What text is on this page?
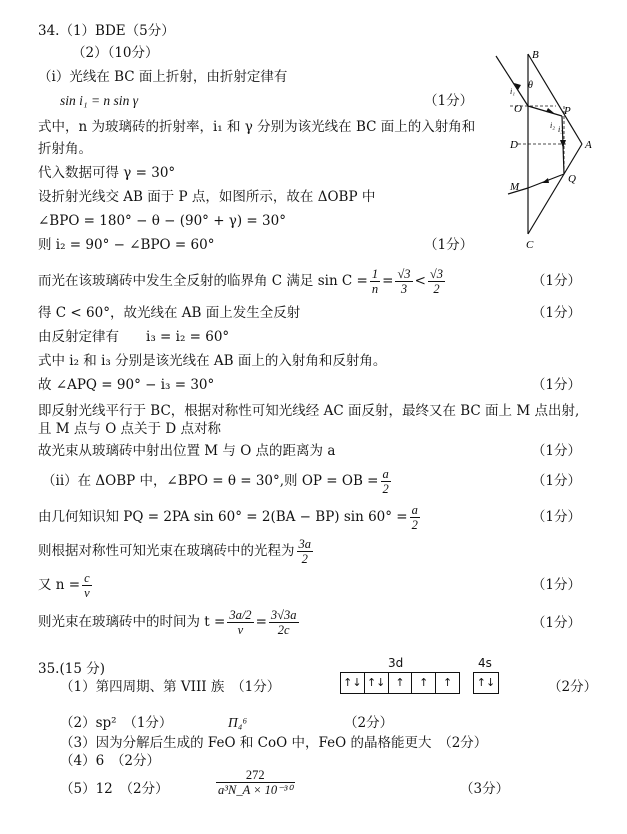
34.（1）BDE（5分）
（2）（10分）
（i）光线在 BC 面上折射，由折射定律有
sin i₁ = n sin γ	（1分）
式中，n 为玻璃砖的折射率，i₁ 和 γ 分别为该光线在 BC 面上的入射角和
折射角。
代入数据可得 γ = 30°
设折射光线交 AB 面于 P 点，如图所示，故在 ΔOBP 中
∠BPO = 180° − θ − (90° + γ) = 30°
则 i₂ = 90° − ∠BPO = 60°	（1分）
而光在该玻璃砖中发生全反射的临界角 C 满足 $\sin C = \frac{1}{n} = \frac{√3}{3} < \frac{√3}{2}$	（1分）
得 C < 60°，故光线在 AB 面上发生全反射	（1分）
由反射定律有　　i₃ = i₂ = 60°
式中 i₂ 和 i₃ 分别是该光线在 AB 面上的入射角和反射角。
故 ∠APQ = 90° − i₃ = 30°	（1分）
即反射光线平行于 BC，根据对称性可知光线经 AC 面反射，最终又在 BC 面上 M 点出射,
且 M 点与 O 点关于 D 点对称
故光束从玻璃砖中射出位置 M 与 O 点的距离为 a	（1分）
（ii）在 ΔOBP 中，∠BPO = θ = 30°,则 OP = OB = $\frac{a}{2}$	（1分）
由几何知识知 PQ = 2PA sin 60° = 2(BA − BP) $\sin 60^\circ = \frac{a}{2}$	（1分）
则根据对称性可知光束在玻璃砖中的光程为 $\frac{3a}{2}$
又 $n = \frac{c}{v}$	（1分）
则光束在玻璃砖中的时间为 $t = \frac{3a/2}{v} = \frac{3√3a}{2c}$	（1分）
B
θ
i₁
O	P
i₂ i₃
A
D
Q
M
C
35.(15 分)
（1）第四周期、第 VIII 族　（1分）
3d	4s
↑↓ ↑↓ ↑	↑	↑	↑↓	（2分）
（2）sp²　（1分）	Π₄⁶	（2分）
（3）因为分解后生成的 FeO 和 CoO 中，FeO 的晶格能更大　（2分）
（4）6　（2分）
（5）12　（2分）	$\frac{272}{\text{a³N\_A × 10⁻³⁰}}$	（3分）
